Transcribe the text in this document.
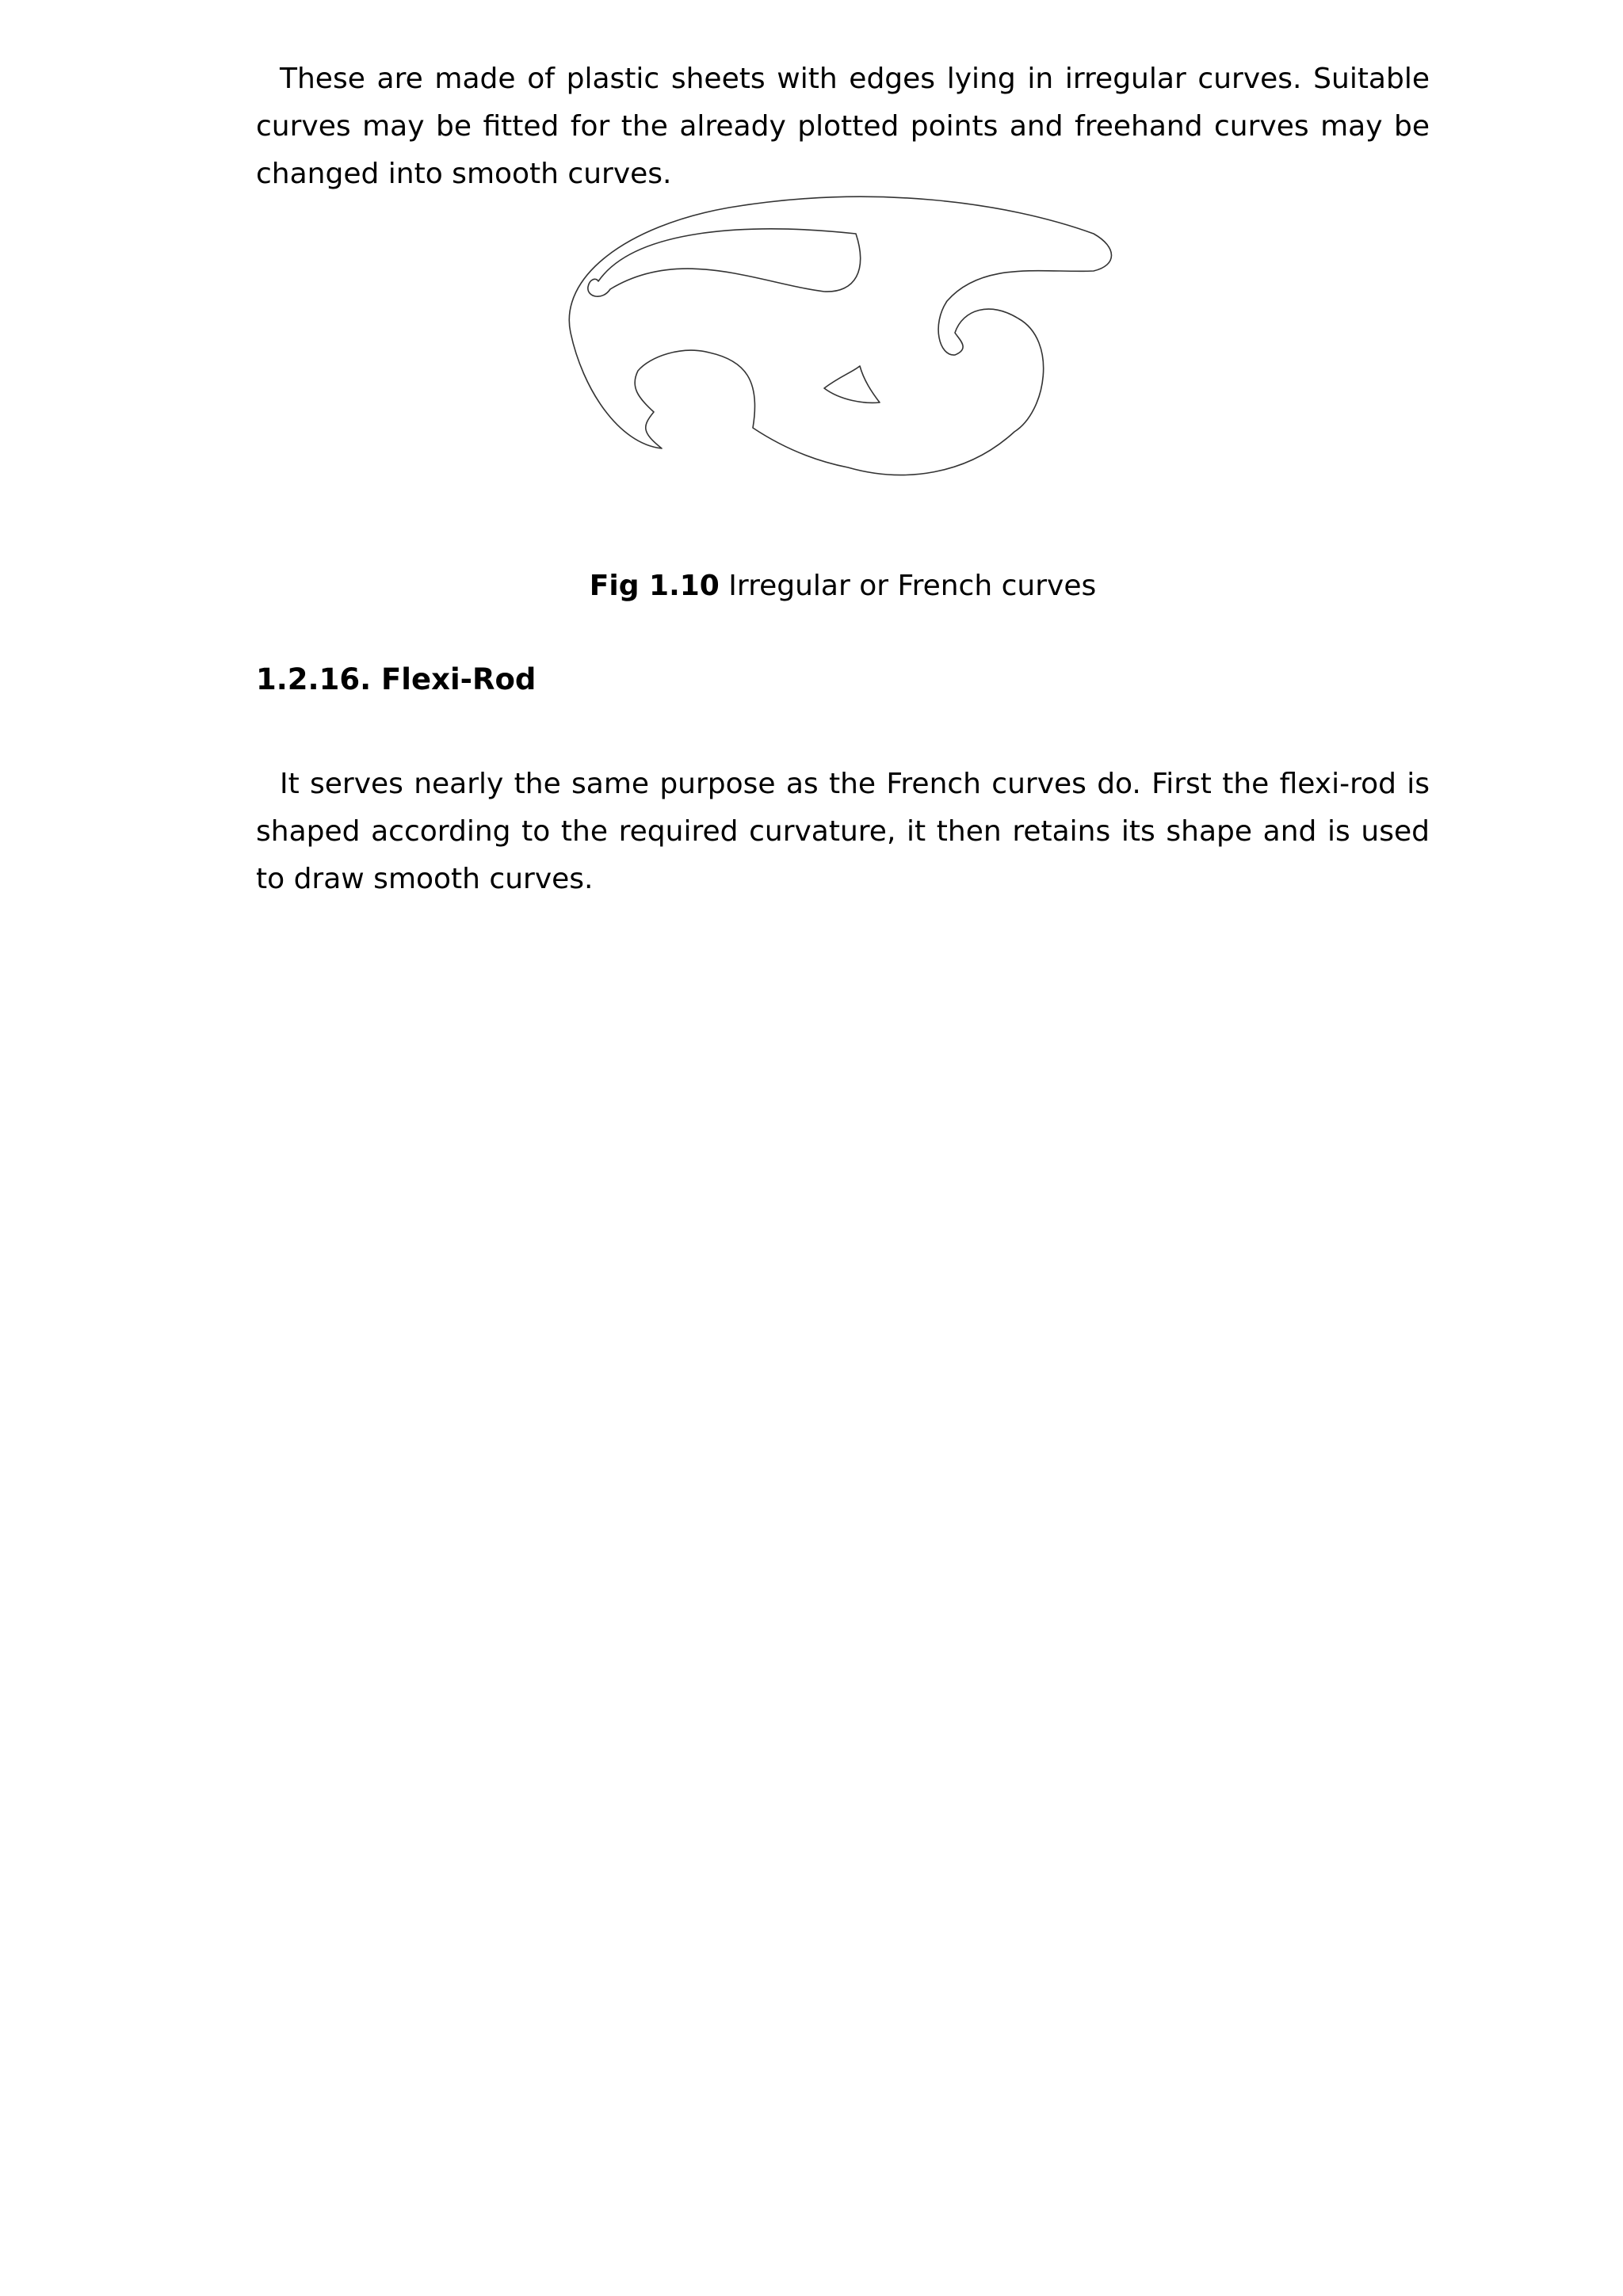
These are made of plastic sheets with edges lying in irregular curves. Suitable curves may be fitted for the already plotted points and freehand curves may be changed into smooth curves.

Fig 1.10 Irregular or French curves

1.2.16. Flexi-Rod

It serves nearly the same purpose as the French curves do. First the flexi-rod is shaped according to the required curvature, it then retains its shape and is used to draw smooth curves.
